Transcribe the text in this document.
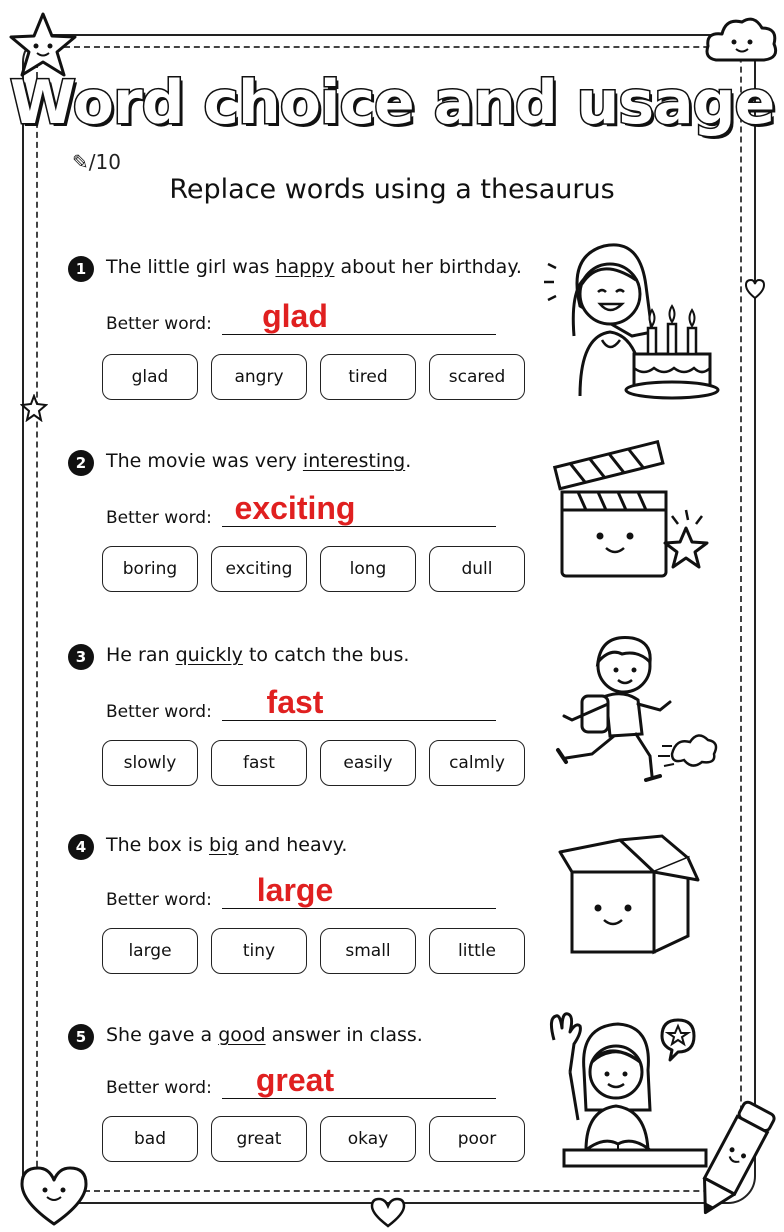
Word choice and usage
✎/10
Replace words using a thesaurus
1	The little girl was happy about her birthday.
Better word:	glad
glad	angry	tired	scared
2	The movie was very interesting.
Better word: exciting
boring	exciting	long	dull
3	He ran quickly to catch the bus.
Better word:	fast
slowly	fast	easily	calmly
4	The box is big and heavy.
Better word:	large
large	tiny	small	little
5	She gave a good answer in class.
Better word:	great
bad	great	okay	poor
